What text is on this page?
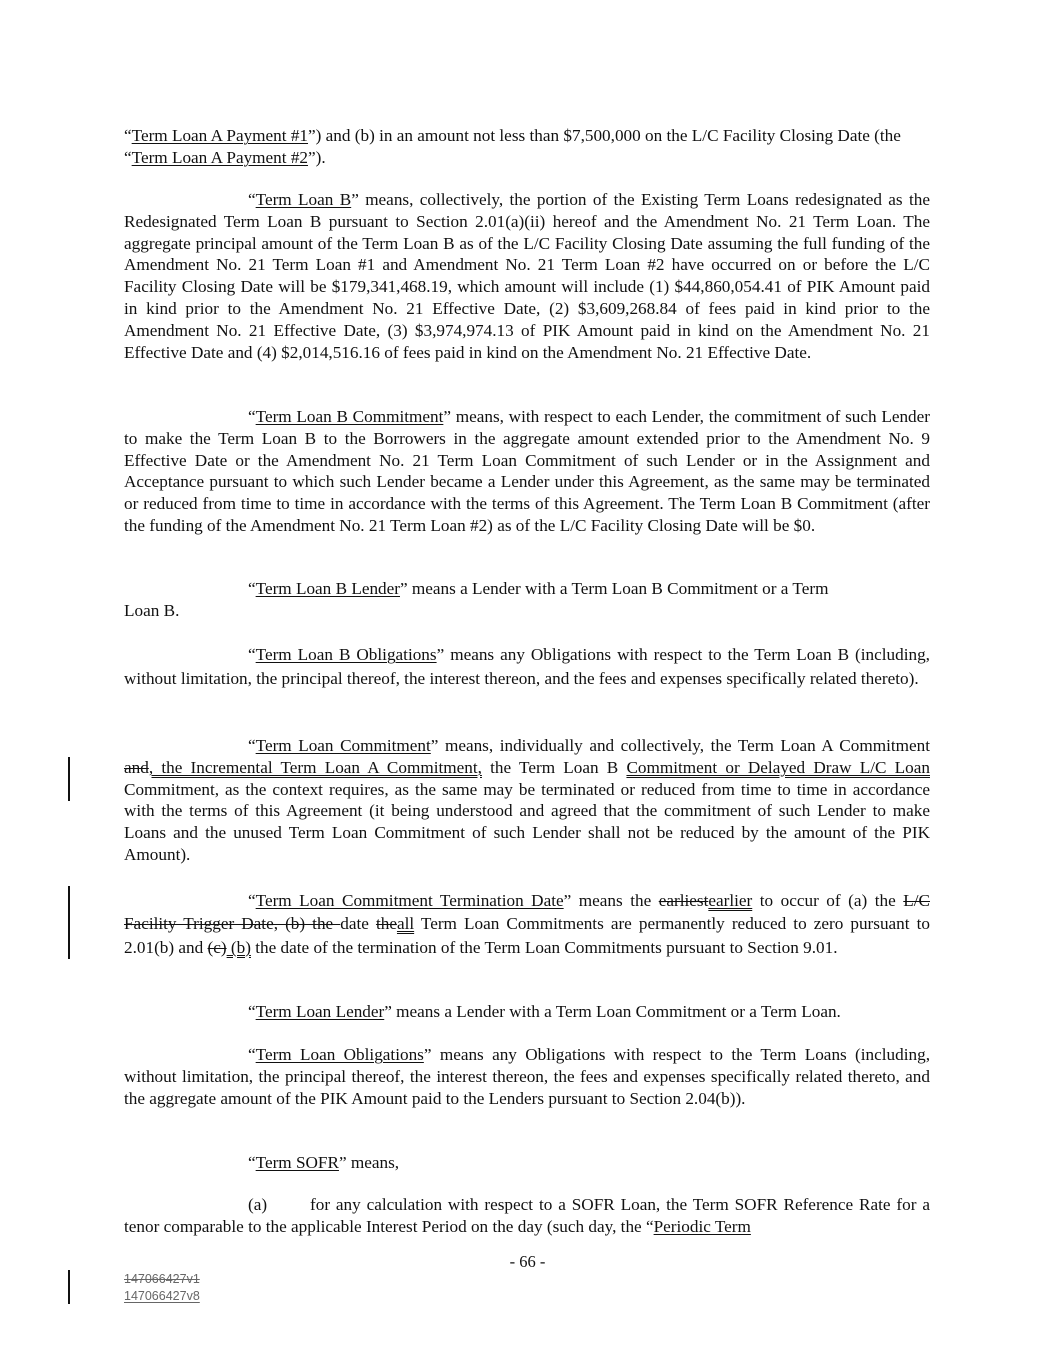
“Term Loan A Payment #1”) and (b) in an amount not less than $7,500,000 on the L/C Facility Closing Date (the “Term Loan A Payment #2”).

“Term Loan B” means, collectively, the portion of the Existing Term Loans redesignated as the Redesignated Term Loan B pursuant to Section 2.01(a)(ii) hereof and the Amendment No. 21 Term Loan. The aggregate principal amount of the Term Loan B as of the L/C Facility Closing Date assuming the full funding of the Amendment No. 21 Term Loan #1 and Amendment No. 21 Term Loan #2 have occurred on or before the L/C Facility Closing Date will be $179,341,468.19, which amount will include (1) $44,860,054.41 of PIK Amount paid in kind prior to the Amendment No. 21 Effective Date, (2) $3,609,268.84 of fees paid in kind prior to the Amendment No. 21 Effective Date, (3) $3,974,974.13 of PIK Amount paid in kind on the Amendment No. 21 Effective Date and (4) $2,014,516.16 of fees paid in kind on the Amendment No. 21 Effective Date.

“Term Loan B Commitment” means, with respect to each Lender, the commitment of such Lender to make the Term Loan B to the Borrowers in the aggregate amount extended prior to the Amendment No. 9 Effective Date or the Amendment No. 21 Term Loan Commitment of such Lender or in the Assignment and Acceptance pursuant to which such Lender became a Lender under this Agreement, as the same may be terminated or reduced from time to time in accordance with the terms of this Agreement. The Term Loan B Commitment (after the funding of the Amendment No. 21 Term Loan #2) as of the L/C Facility Closing Date will be $0.

“Term Loan B Lender” means a Lender with a Term Loan B Commitment or a Term
Loan B.

“Term Loan B Obligations” means any Obligations with respect to the Term Loan B (including, without limitation, the principal thereof, the interest thereon, and the fees and expenses specifically related thereto).

“Term Loan Commitment” means, individually and collectively, the Term Loan A Commitment and, the Incremental Term Loan A Commitment, the Term Loan B Commitment or Delayed Draw L/C Loan Commitment, as the context requires, as the same may be terminated or reduced from time to time in accordance with the terms of this Agreement (it being understood and agreed that the commitment of such Lender to make Loans and the unused Term Loan Commitment of such Lender shall not be reduced by the amount of the PIK Amount).

“Term Loan Commitment Termination Date” means the earliestearlier to occur of (a) the L/C Facility Trigger Date, (b) the date theall Term Loan Commitments are permanently reduced to zero pursuant to 2.01(b) and (c) (b) the date of the termination of the Term Loan Commitments pursuant to Section 9.01.

“Term Loan Lender” means a Lender with a Term Loan Commitment or a Term Loan.

“Term Loan Obligations” means any Obligations with respect to the Term Loans (including, without limitation, the principal thereof, the interest thereon, the fees and expenses specifically related thereto, and the aggregate amount of the PIK Amount paid to the Lenders pursuant to Section 2.04(b)).

“Term SOFR” means,

(a) for any calculation with respect to a SOFR Loan, the Term SOFR Reference Rate for a tenor comparable to the applicable Interest Period on the day (such day, the “Periodic Term

- 66 -
147066427v1
147066427v8
